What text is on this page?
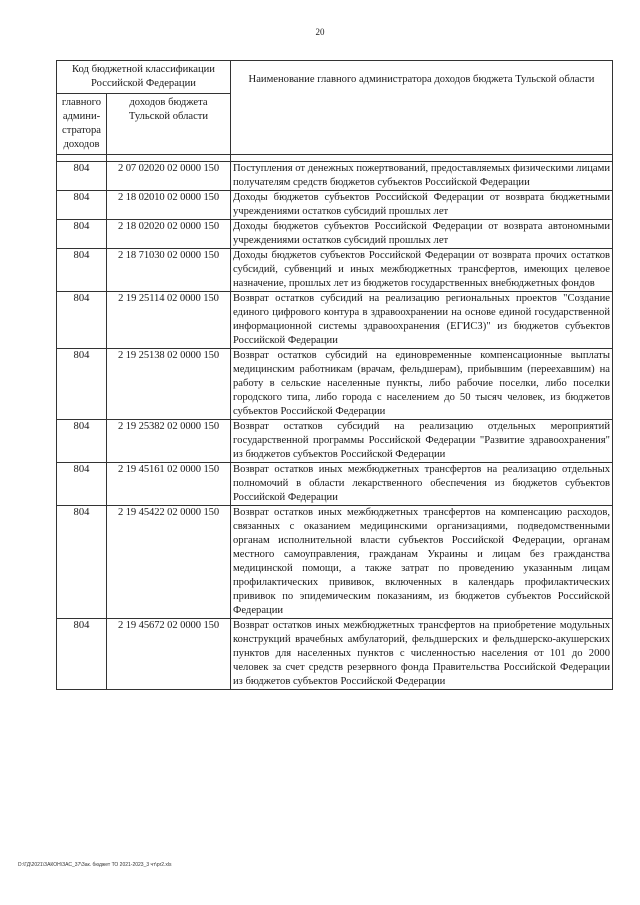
20
Код бюджетной классификации Российской Федерации		Наименование главного администратора доходов бюджета Тульской области
главного админи-стратора доходов	доходов бюджета Тульской области	

804	2 07 02020 02 0000 150	Поступления от денежных пожертвований, предоставляемых физическими лицами получателям средств бюджетов субъектов Российской Федерации
804	2 18 02010 02 0000 150	Доходы бюджетов субъектов Российской Федерации от возврата бюджетными учреждениями остатков субсидий прошлых лет
804	2 18 02020 02 0000 150	Доходы бюджетов субъектов Российской Федерации от возврата автономными учреждениями остатков субсидий прошлых лет
804	2 18 71030 02 0000 150	Доходы бюджетов субъектов Российской Федерации от возврата прочих остатков субсидий, субвенций и иных межбюджетных трансфертов, имеющих целевое назначение, прошлых лет из бюджетов государственных внебюджетных фондов
804	2 19 25114 02 0000 150	Возврат остатков субсидий на реализацию региональных проектов "Создание единого цифрового контура в здравоохранении на основе единой государственной информационной системы здравоохранения (ЕГИСЗ)" из бюджетов субъектов Российской Федерации
804	2 19 25138 02 0000 150	Возврат остатков субсидий на единовременные компенсационные выплаты медицинским работникам (врачам, фельдшерам), прибывшим (переехавшим) на работу в сельские населенные пункты, либо рабочие поселки, либо поселки городского типа, либо города с населением до 50 тысяч человек, из бюджетов субъектов Российской Федерации
804	2 19 25382 02 0000 150	Возврат остатков субсидий на реализацию отдельных мероприятий государственной программы Российской Федерации "Развитие здравоохранения" из бюджетов субъектов Российской Федерации
804	2 19 45161 02 0000 150	Возврат остатков иных межбюджетных трансфертов на реализацию отдельных полномочий в области лекарственного обеспечения из бюджетов субъектов Российской Федерации
804	2 19 45422 02 0000 150	Возврат остатков иных межбюджетных трансфертов на компенсацию расходов, связанных с оказанием медицинскими организациями, подведомственными органам исполнительной власти субъектов Российской Федерации, органам местного самоуправления, гражданам Украины и лицам без гражданства медицинской помощи, а также затрат по проведению указанным лицам профилактических прививок, включенных в календарь профилактических прививок по эпидемическим показаниям, из бюджетов субъектов Российской Федерации
804	2 19 45672 02 0000 150	Возврат остатков иных межбюджетных трансфертов на приобретение модульных конструкций врачебных амбулаторий, фельдшерских и фельдшерско-акушерских пунктов для населенных пунктов с численностью населения от 101 до 2000 человек за счет средств резервного фонда Правительства Российской Федерации из бюджетов субъектов Российской Федерации
D:\ГД\2021\ЗАКОН\ЗАС_37\Зак. бюджет ТО 2021-2023_3 чт\pr2.xls
